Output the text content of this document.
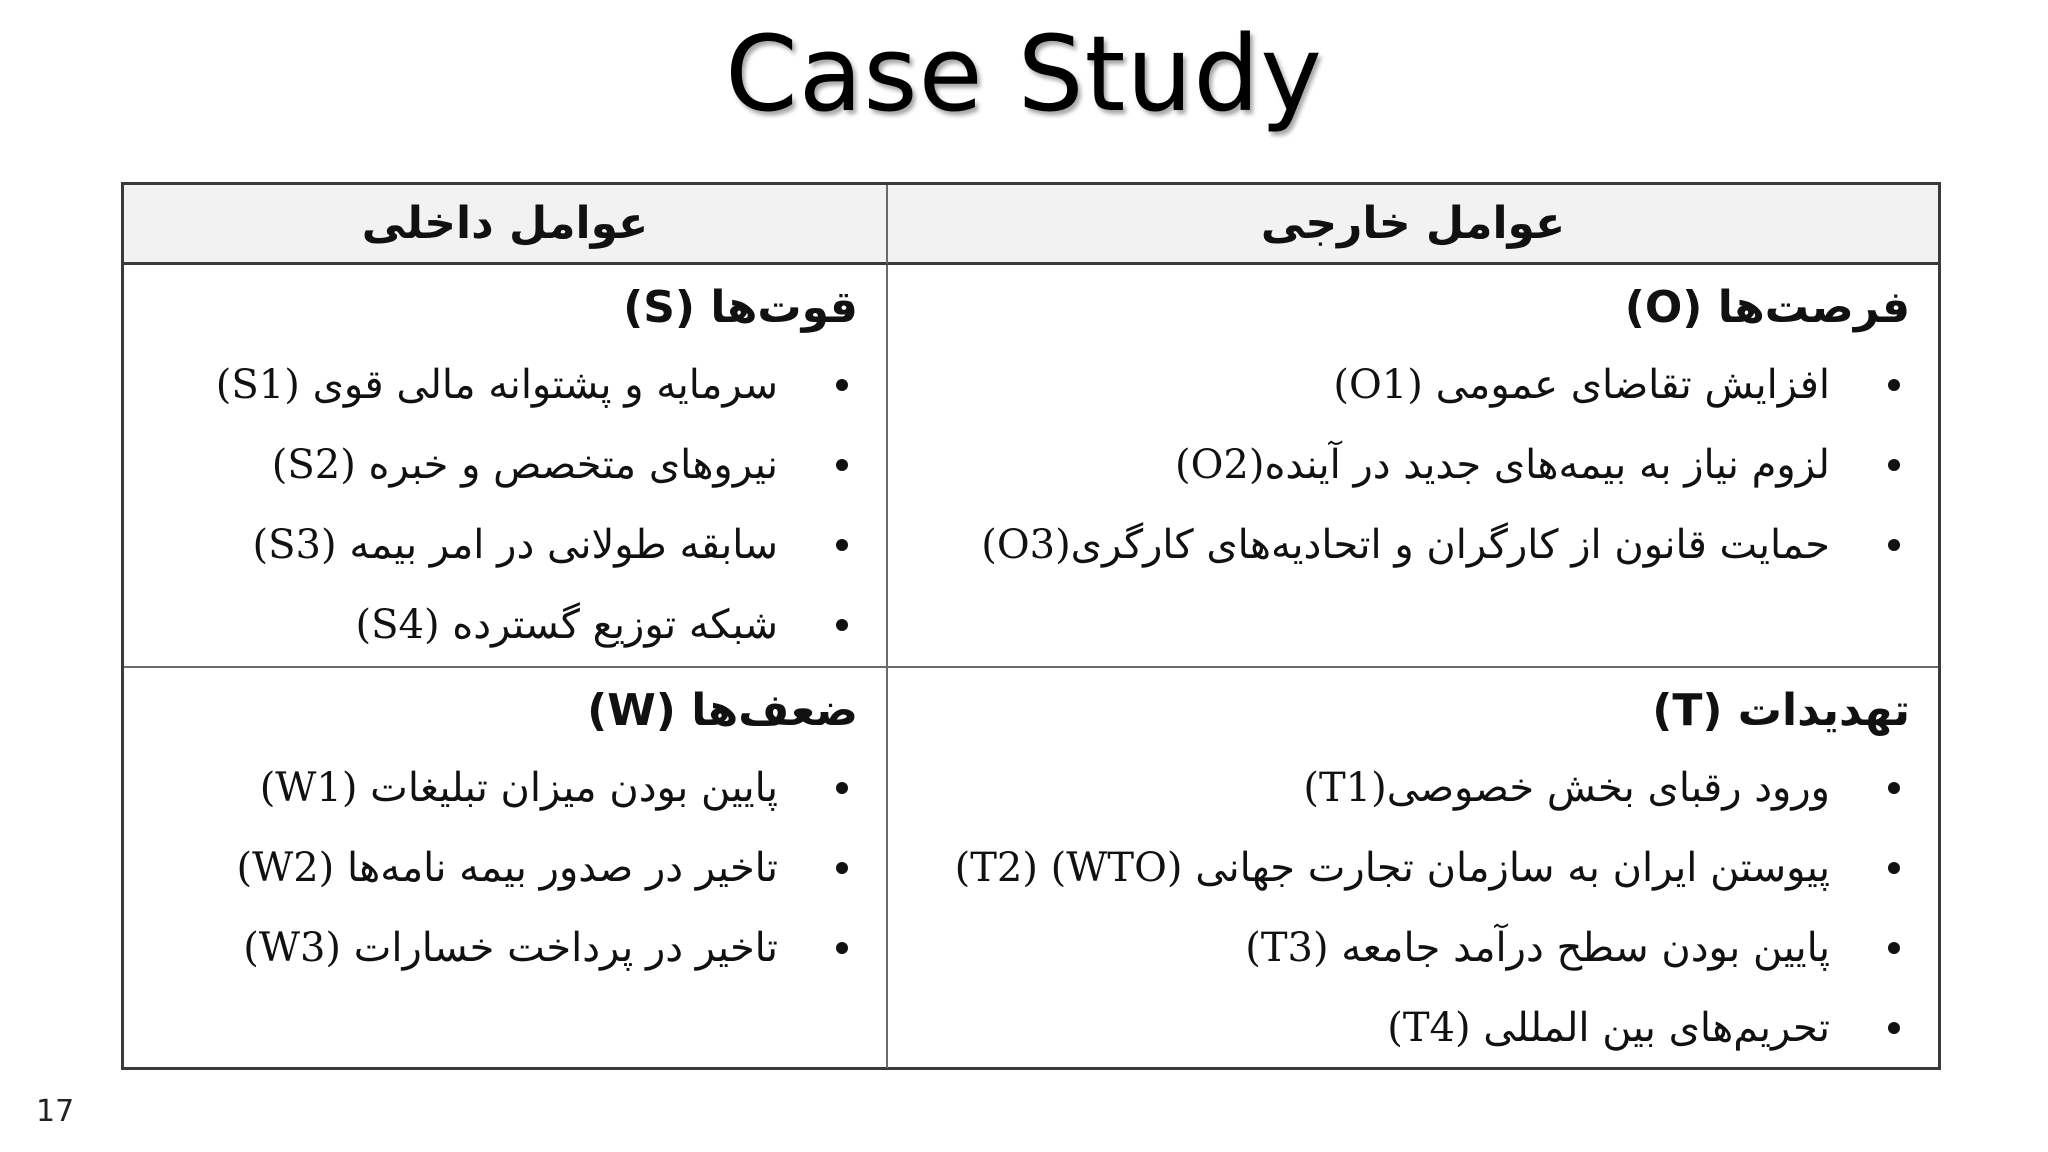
Case Study
عوامل داخلی	عوامل خارجی
قوت‌ها (S)
سرمایه و پشتوانه مالی قوی (S1)
نیروهای متخصص و خبره (S2)
سابقه طولانی در امر بیمه (S3)
شبکه توزیع گسترده (S4)
فرصت‌ها (O)
افزایش تقاضای عمومی (O1)
لزوم نیاز به بیمه‌های جدید در آینده(O2)
حمایت قانون از کارگران و اتحادیه‌های کارگری(O3)
ضعف‌ها (W)
پایین بودن میزان تبلیغات (W1)
تاخیر در صدور بیمه نامه‌ها (W2)
تاخیر در پرداخت خسارات (W3)
تهدیدات (T)
ورود رقبای بخش خصوصی(T1)
پیوستن ایران به سازمان تجارت جهانی (WTO) (T2)
پایین بودن سطح درآمد جامعه (T3)
تحریم‌های بین المللی (T4)
17
